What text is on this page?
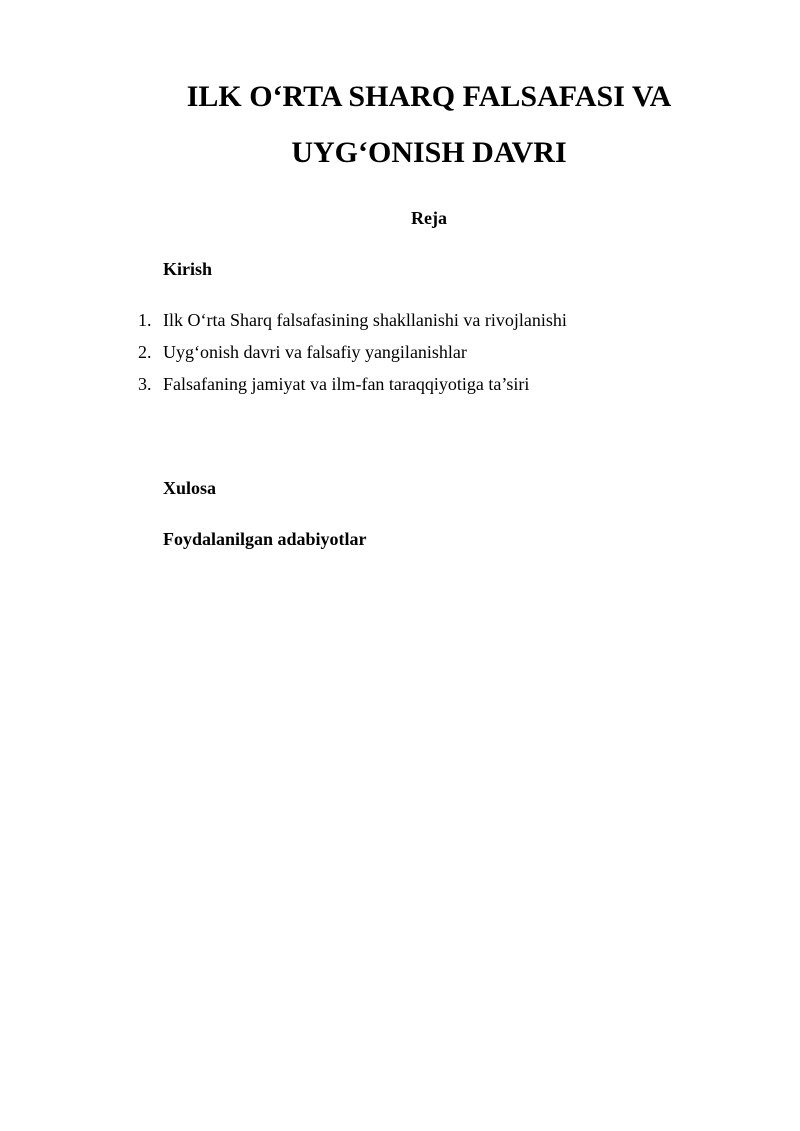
ILK O‘RTA SHARQ FALSAFASI VA
UYG‘ONISH DAVRI
Reja

Kirish

1. Ilk O‘rta Sharq falsafasining shakllanishi va rivojlanishi
2. Uyg‘onish davri va falsafiy yangilanishlar
3. Falsafaning jamiyat va ilm-fan taraqqiyotiga ta’siri

Xulosa

Foydalanilgan adabiyotlar
